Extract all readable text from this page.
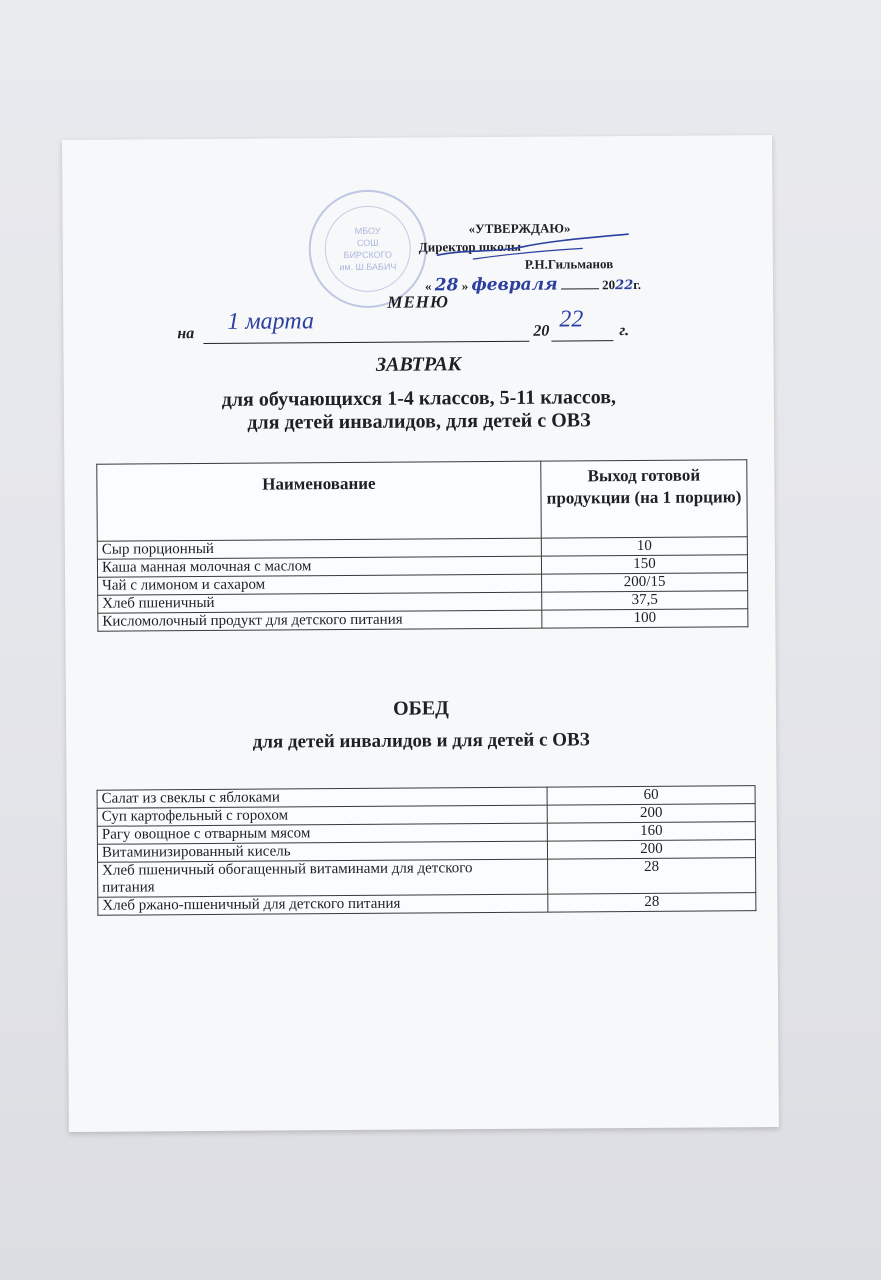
МБОУ
СОШ
БИРСКОГО
им. Ш.БАБИЧ
«УТВЕРЖДАЮ»
Директор школы
Р.Н.Гильманов
« 28 » февраля	2022г.
МЕНЮ
на 1 марта	20 22 г.
ЗАВТРАК
для обучающихся 1-4 классов, 5-11 классов,
для детей инвалидов, для детей с ОВЗ
Наименование	Выход готовой продукции (на 1 порцию)
Сыр порционный	10
Каша манная молочная с маслом	150
Чай с лимоном и сахаром	200/15
Хлеб пшеничный	37,5
Кисломолочный продукт для детского питания	100
ОБЕД
для детей инвалидов и для детей с ОВЗ
Салат из свеклы с яблоками	60
Суп картофельный с горохом	200
Рагу овощное с отварным мясом	160
Витаминизированный кисель	200
Хлеб пшеничный обогащенный витаминами для детского питания	28
Хлеб ржано-пшеничный для детского питания	28
